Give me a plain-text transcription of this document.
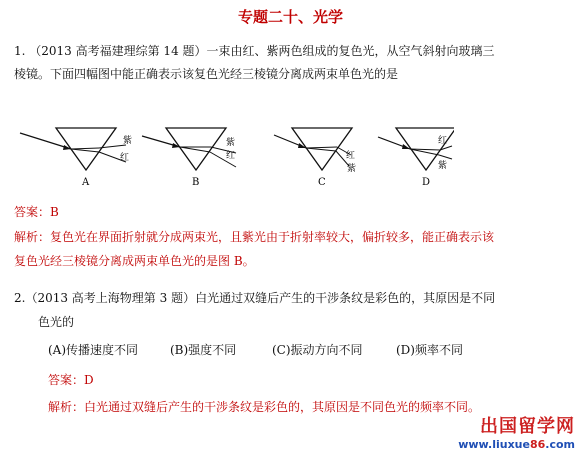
专题二十、光学
1. （2013 高考福建理综第 14 题）一束由红、紫两色组成的复色光，从空气斜射向玻璃三
棱镜。下面四幅图中能正确表示该复色光经三棱镜分离成两束单色光的是
紫
红
A
紫
红
B
红
紫
C
红
紫
D
答案：B
解析：复色光在界面折射就分成两束光，且紫光由于折射率较大，偏折较多，能正确表示该
复色光经三棱镜分离成两束单色光的是图 B。
2.（2013 高考上海物理第 3 题）白光通过双缝后产生的干涉条纹是彩色的，其原因是不同
色光的
(A)传播速度不同	(B)强度不同	(C)振动方向不同	(D)频率不同
答案：D
解析：白光通过双缝后产生的干涉条纹是彩色的，其原因是不同色光的频率不同。
出国留学网
www.liuxue86.com
